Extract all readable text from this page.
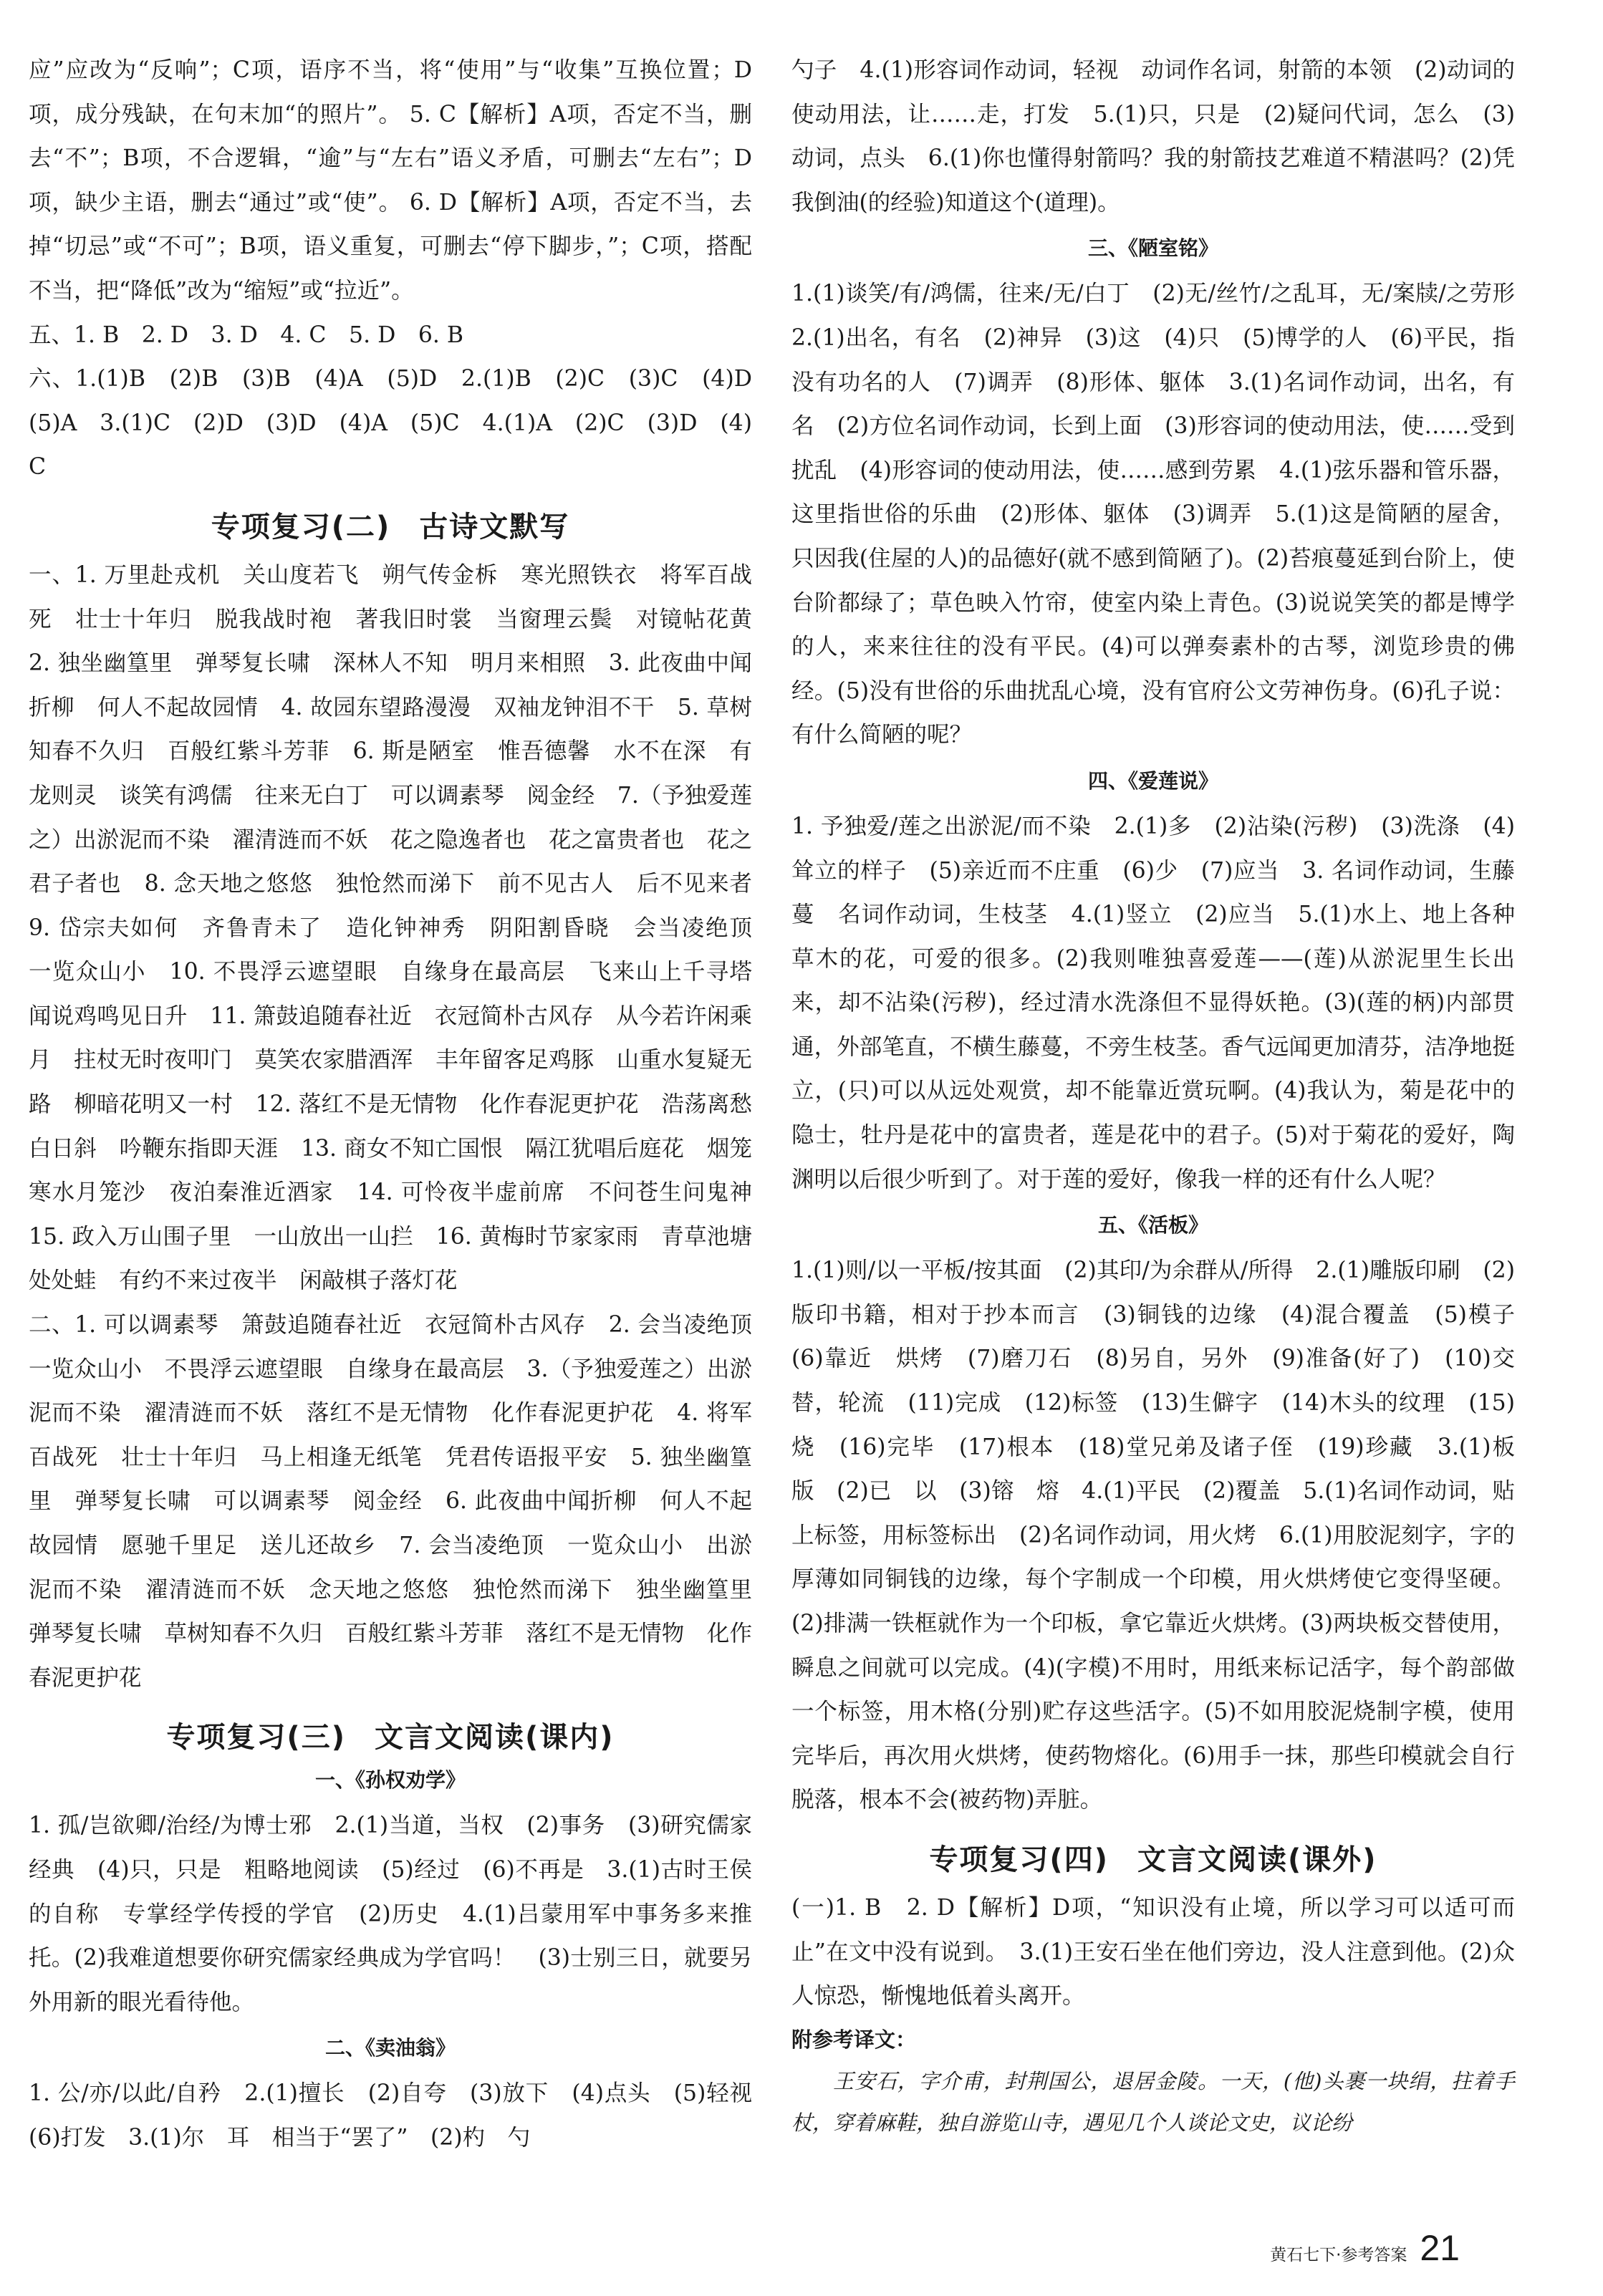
应”应改为“反响”；C项，语序不当，将“使用”与“收集”互换位置；D项，成分残缺，在句末加“的照片”。 5. C【解析】A项，否定不当，删去“不”；B项，不合逻辑，“逾”与“左右”语义矛盾，可删去“左右”；D项，缺少主语，删去“通过”或“使”。 6. D【解析】A项，否定不当，去掉“切忌”或“不可”；B项，语义重复，可删去“停下脚步，”；C项，搭配不当，把“降低”改为“缩短”或“拉近”。

五、1. B　2. D　3. D　4. C　5. D　6. B

六、1.(1)B　(2)B　(3)B　(4)A　(5)D　2.(1)B　(2)C　(3)C　(4)D　(5)A　3.(1)C　(2)D　(3)D　(4)A　(5)C　4.(1)A　(2)C　(3)D　(4)C

专项复习(二) 古诗文默写

一、1. 万里赴戎机　关山度若飞　朔气传金柝　寒光照铁衣　将军百战死　壮士十年归　脱我战时袍　著我旧时裳　当窗理云鬓　对镜帖花黄　2. 独坐幽篁里　弹琴复长啸　深林人不知　明月来相照　3. 此夜曲中闻折柳　何人不起故园情　4. 故园东望路漫漫　双袖龙钟泪不干　5. 草树知春不久归　百般红紫斗芳菲　6. 斯是陋室　惟吾德馨　水不在深　有龙则灵　谈笑有鸿儒　往来无白丁　可以调素琴　阅金经　7.（予独爱莲之）出淤泥而不染　濯清涟而不妖　花之隐逸者也　花之富贵者也　花之君子者也　8. 念天地之悠悠　独怆然而涕下　前不见古人　后不见来者　9. 岱宗夫如何　齐鲁青未了　造化钟神秀　阴阳割昏晓　会当凌绝顶　一览众山小　10. 不畏浮云遮望眼　自缘身在最高层　飞来山上千寻塔　闻说鸡鸣见日升　11. 箫鼓追随春社近　衣冠简朴古风存　从今若许闲乘月　拄杖无时夜叩门　莫笑农家腊酒浑　丰年留客足鸡豚　山重水复疑无路　柳暗花明又一村　12. 落红不是无情物　化作春泥更护花　浩荡离愁白日斜　吟鞭东指即天涯　13. 商女不知亡国恨　隔江犹唱后庭花　烟笼寒水月笼沙　夜泊秦淮近酒家　14. 可怜夜半虚前席　不问苍生问鬼神　15. 政入万山围子里　一山放出一山拦　16. 黄梅时节家家雨　青草池塘处处蛙　有约不来过夜半　闲敲棋子落灯花

二、1. 可以调素琴　箫鼓追随春社近　衣冠简朴古风存　2. 会当凌绝顶　一览众山小　不畏浮云遮望眼　自缘身在最高层　3.（予独爱莲之）出淤泥而不染　濯清涟而不妖　落红不是无情物　化作春泥更护花　4. 将军百战死　壮士十年归　马上相逢无纸笔　凭君传语报平安　5. 独坐幽篁里　弹琴复长啸　可以调素琴　阅金经　6. 此夜曲中闻折柳　何人不起故园情　愿驰千里足　送儿还故乡　7. 会当凌绝顶　一览众山小　出淤泥而不染　濯清涟而不妖　念天地之悠悠　独怆然而涕下　独坐幽篁里　弹琴复长啸　草树知春不久归　百般红紫斗芳菲　落红不是无情物　化作春泥更护花

专项复习(三) 文言文阅读(课内)
一、《孙权劝学》

1. 孤/岂欲卿/治经/为博士邪　2.(1)当道，当权　(2)事务　(3)研究儒家经典　(4)只，只是　粗略地阅读　(5)经过　(6)不再是　3.(1)古时王侯的自称　专掌经学传授的学官　(2)历史　4.(1)吕蒙用军中事务多来推托。(2)我难道想要你研究儒家经典成为学官吗！　(3)士别三日，就要另外用新的眼光看待他。

二、《卖油翁》

1. 公/亦/以此/自矜　2.(1)擅长　(2)自夸　(3)放下　(4)点头　(5)轻视　(6)打发　3.(1)尔　耳　相当于“罢了”　(2)杓　勺

勺子　4.(1)形容词作动词，轻视　动词作名词，射箭的本领　(2)动词的使动用法，让……走，打发　5.(1)只，只是　(2)疑问代词，怎么　(3)动词，点头　6.(1)你也懂得射箭吗？我的射箭技艺难道不精湛吗？(2)凭我倒油(的经验)知道这个(道理)。

三、《陋室铭》

1.(1)谈笑/有/鸿儒，往来/无/白丁　(2)无/丝竹/之乱耳，无/案牍/之劳形　2.(1)出名，有名　(2)神异　(3)这　(4)只　(5)博学的人　(6)平民，指没有功名的人　(7)调弄　(8)形体、躯体　3.(1)名词作动词，出名，有名　(2)方位名词作动词，长到上面　(3)形容词的使动用法，使……受到扰乱　(4)形容词的使动用法，使……感到劳累　4.(1)弦乐器和管乐器，这里指世俗的乐曲　(2)形体、躯体　(3)调弄　5.(1)这是简陋的屋舍，只因我(住屋的人)的品德好(就不感到简陋了)。(2)苔痕蔓延到台阶上，使台阶都绿了；草色映入竹帘，使室内染上青色。(3)说说笑笑的都是博学的人，来来往往的没有平民。(4)可以弹奏素朴的古琴，浏览珍贵的佛经。(5)没有世俗的乐曲扰乱心境，没有官府公文劳神伤身。(6)孔子说：有什么简陋的呢？

四、《爱莲说》

1. 予独爱/莲之出淤泥/而不染　2.(1)多　(2)沾染(污秽)　(3)洗涤　(4)耸立的样子　(5)亲近而不庄重　(6)少　(7)应当　3. 名词作动词，生藤蔓　名词作动词，生枝茎　4.(1)竖立　(2)应当　5.(1)水上、地上各种草木的花，可爱的很多。(2)我则唯独喜爱莲——(莲)从淤泥里生长出来，却不沾染(污秽)，经过清水洗涤但不显得妖艳。(3)(莲的柄)内部贯通，外部笔直，不横生藤蔓，不旁生枝茎。香气远闻更加清芬，洁净地挺立，(只)可以从远处观赏，却不能靠近赏玩啊。(4)我认为，菊是花中的隐士，牡丹是花中的富贵者，莲是花中的君子。(5)对于菊花的爱好，陶渊明以后很少听到了。对于莲的爱好，像我一样的还有什么人呢？

五、《活板》

1.(1)则/以一平板/按其面　(2)其印/为余群从/所得　2.(1)雕版印刷　(2)版印书籍，相对于抄本而言　(3)铜钱的边缘　(4)混合覆盖　(5)模子　(6)靠近　烘烤　(7)磨刀石　(8)另自，另外　(9)准备(好了)　(10)交替，轮流　(11)完成　(12)标签　(13)生僻字　(14)木头的纹理　(15)烧　(16)完毕　(17)根本　(18)堂兄弟及诸子侄　(19)珍藏　3.(1)板　版　(2)已　以　(3)镕　熔　4.(1)平民　(2)覆盖　5.(1)名词作动词，贴上标签，用标签标出　(2)名词作动词，用火烤　6.(1)用胶泥刻字，字的厚薄如同铜钱的边缘，每个字制成一个印模，用火烘烤使它变得坚硬。(2)排满一铁框就作为一个印板，拿它靠近火烘烤。(3)两块板交替使用，瞬息之间就可以完成。(4)(字模)不用时，用纸来标记活字，每个韵部做一个标签，用木格(分别)贮存这些活字。(5)不如用胶泥烧制字模，使用完毕后，再次用火烘烤，使药物熔化。(6)用手一抹，那些印模就会自行脱落，根本不会(被药物)弄脏。

专项复习(四) 文言文阅读(课外)

(一)1. B　2. D【解析】D项，“知识没有止境，所以学习可以适可而止”在文中没有说到。　3.(1)王安石坐在他们旁边，没人注意到他。(2)众人惊恐，惭愧地低着头离开。

附参考译文：

王安石，字介甫，封荆国公，退居金陵。一天，(他)头裹一块绢，拄着手杖，穿着麻鞋，独自游览山寺，遇见几个人谈论文史，议论纷

黄石七下·参考答案 21
